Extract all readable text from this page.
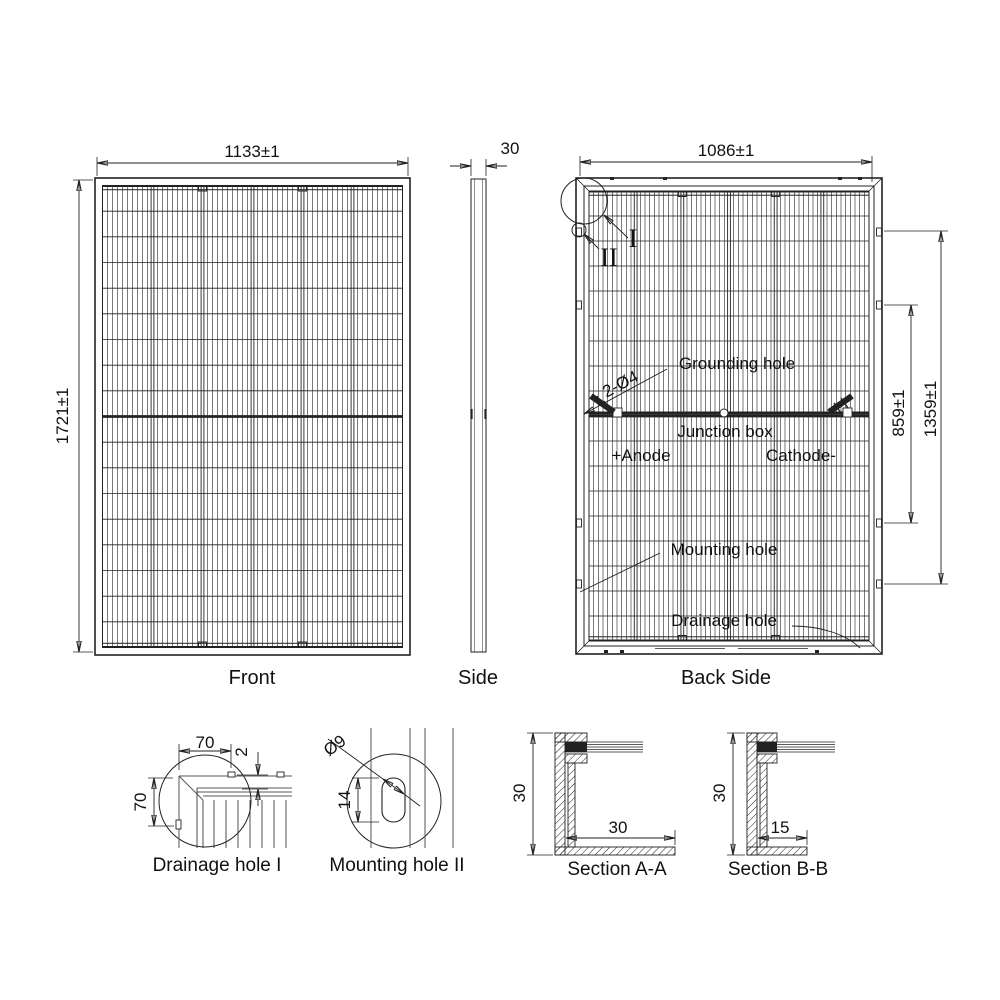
1133±1
1721±1
Front
30
Side
I
II
2-Ø4
Grounding hole
Junction box
+Anode	Cathode-
Mounting hole
Drainage hole
1086±1
859±1 1359±1
Back Side
70 2
70
Drainage hole I
14
Ø9
Mounting hole II
30
30
Section A-A
30
15
Section B-B
